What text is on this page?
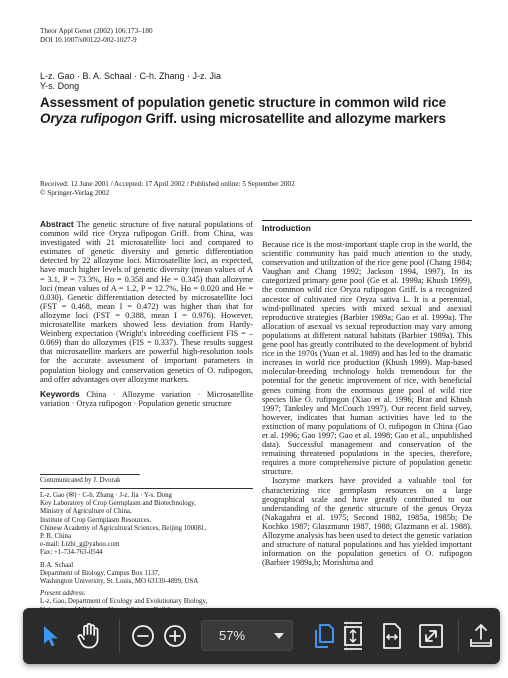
Theor Appl Genet (2002) 106:173–180
DOI 10.1007/s00122-002-1027-9
L-z. Gao · B. A. Schaal · C-h. Zhang · J-z. Jia
Y-s. Dong
Assessment of population genetic structure in common wild rice
Oryza rufipogon Griff. using microsatellite and allozyme markers
Received: 12 June 2001 / Accepted: 17 April 2002 / Published online: 5 September 2002
© Springer-Verlag 2002
Abstract The genetic structure of five natural populations of common wild rice Oryza rufipogon Griff. from China, was investigated with 21 microsatellite loci and compared to estimates of genetic diversity and genetic differentiation detected by 22 allozyme loci. Microsatellite loci, as expected, have much higher levels of genetic diversity (mean values of A = 3.1, P = 73.3%, Ho = 0.358 and He = 0.345) than allozyme loci (mean values of A = 1.2, P = 12.7%, Ho = 0.020 and He = 0.030). Genetic differentiation detected by microsatellite loci (FST = 0.468, mean I = 0.472) was higher than that for allozyme loci (FST = 0.388, mean I = 0.976). However, microsatellite markers showed less deviation from Hardy-Weinberg expectation (Wright's inbreeding coefficient FIS = –0.069) than do allozymes (FIS = 0.337). These results suggest that microsatellite markers are powerful high-resolution tools for the accurate assessment of important parameters in population biology and conservation genetics of O. rufipogon, and offer advantages over allozyme markers.
Keywords China · Allozyme variation · Microsatellite variation · Oryza rufipogon · Population genetic structure
Communicated by J. Dvorak
L-z. Gao (✉) · C-h. Zhang · J-z. Jia · Y-s. Dong
Key Laboratory of Crop Germplasm and Biotechnology,
Ministry of Agriculture of China,
Institute of Crop Germplasm Resources,
Chinese Academy of Agricultural Sciences, Beijing 100081,
P. R. China
e-mail: Lizhi_g@yahoo.com
Fax: +1-734-763-0544
B.A. Schaal
Department of Biology, Campus Box 1137,
Washington University, St. Louis, MO 63130-4899, USA
Present address:
L-z. Gao, Department of Ecology and Evolutionary Biology,
Introduction

Because rice is the most-important staple crop in the world, the scientific community has paid much attention to the study, conservation and utilization of the rice gene pool (Chang 1984; Vaughan and Chang 1992; Jackson 1994, 1997). In its categorized primary gene pool (Ge et al. 1999a; Khush 1999), the common wild rice Oryza rufipogon Griff. is a recognized ancestor of cultivated rice Oryza sativa L. It is a perennial, wind-pollinated species with mixed sexual and asexual reproductive strategies (Barbier 1989a; Gao et al. 1999a). The allocation of asexual vs sexual reproduction may vary among populations at different natural habitats (Barbier 1989a). This gene pool has greatly contributed to the development of hybrid rice in the 1970s (Yuan et al. 1989) and has led to the dramatic increases in world rice production (Khush 1999). Map-based molecular-breeding technology holds tremendous for the potential for the genetic improvement of rice, with beneficial genes coming from the enormous gene pool of wild rice species like O. rufipogon (Xiao et al. 1996; Brar and Khush 1997; Tanksley and McCouch 1997). Our recent field survey, however, indicates that human activities have led to the extinction of many populations of O. rufipogon in China (Gao et al. 1996; Gao 1997; Gao et al. 1998; Gao et al., unpublished data). Successful management and conservation of the remaining threatened populations in the species, therefore, requires a more comprehensive picture of population genetic structure.

Isozyme markers have provided a valuable tool for characterizing rice germplasm resources on a large geographical scale and have greatly contributed to our understanding of the genetic structure of the genus Oryza (Nakagahra et al. 1975; Second 1982, 1985a, 1985b; De Kochko 1987; Glaszmann 1987, 1988; Glazmann et al. 1988). Allozyme analysis has been used to detect the genetic variation and structure of natural populations and has yielded important information on the population genetics of O. rufipogon (Barbier 1989a,b; Morishima and

57%
